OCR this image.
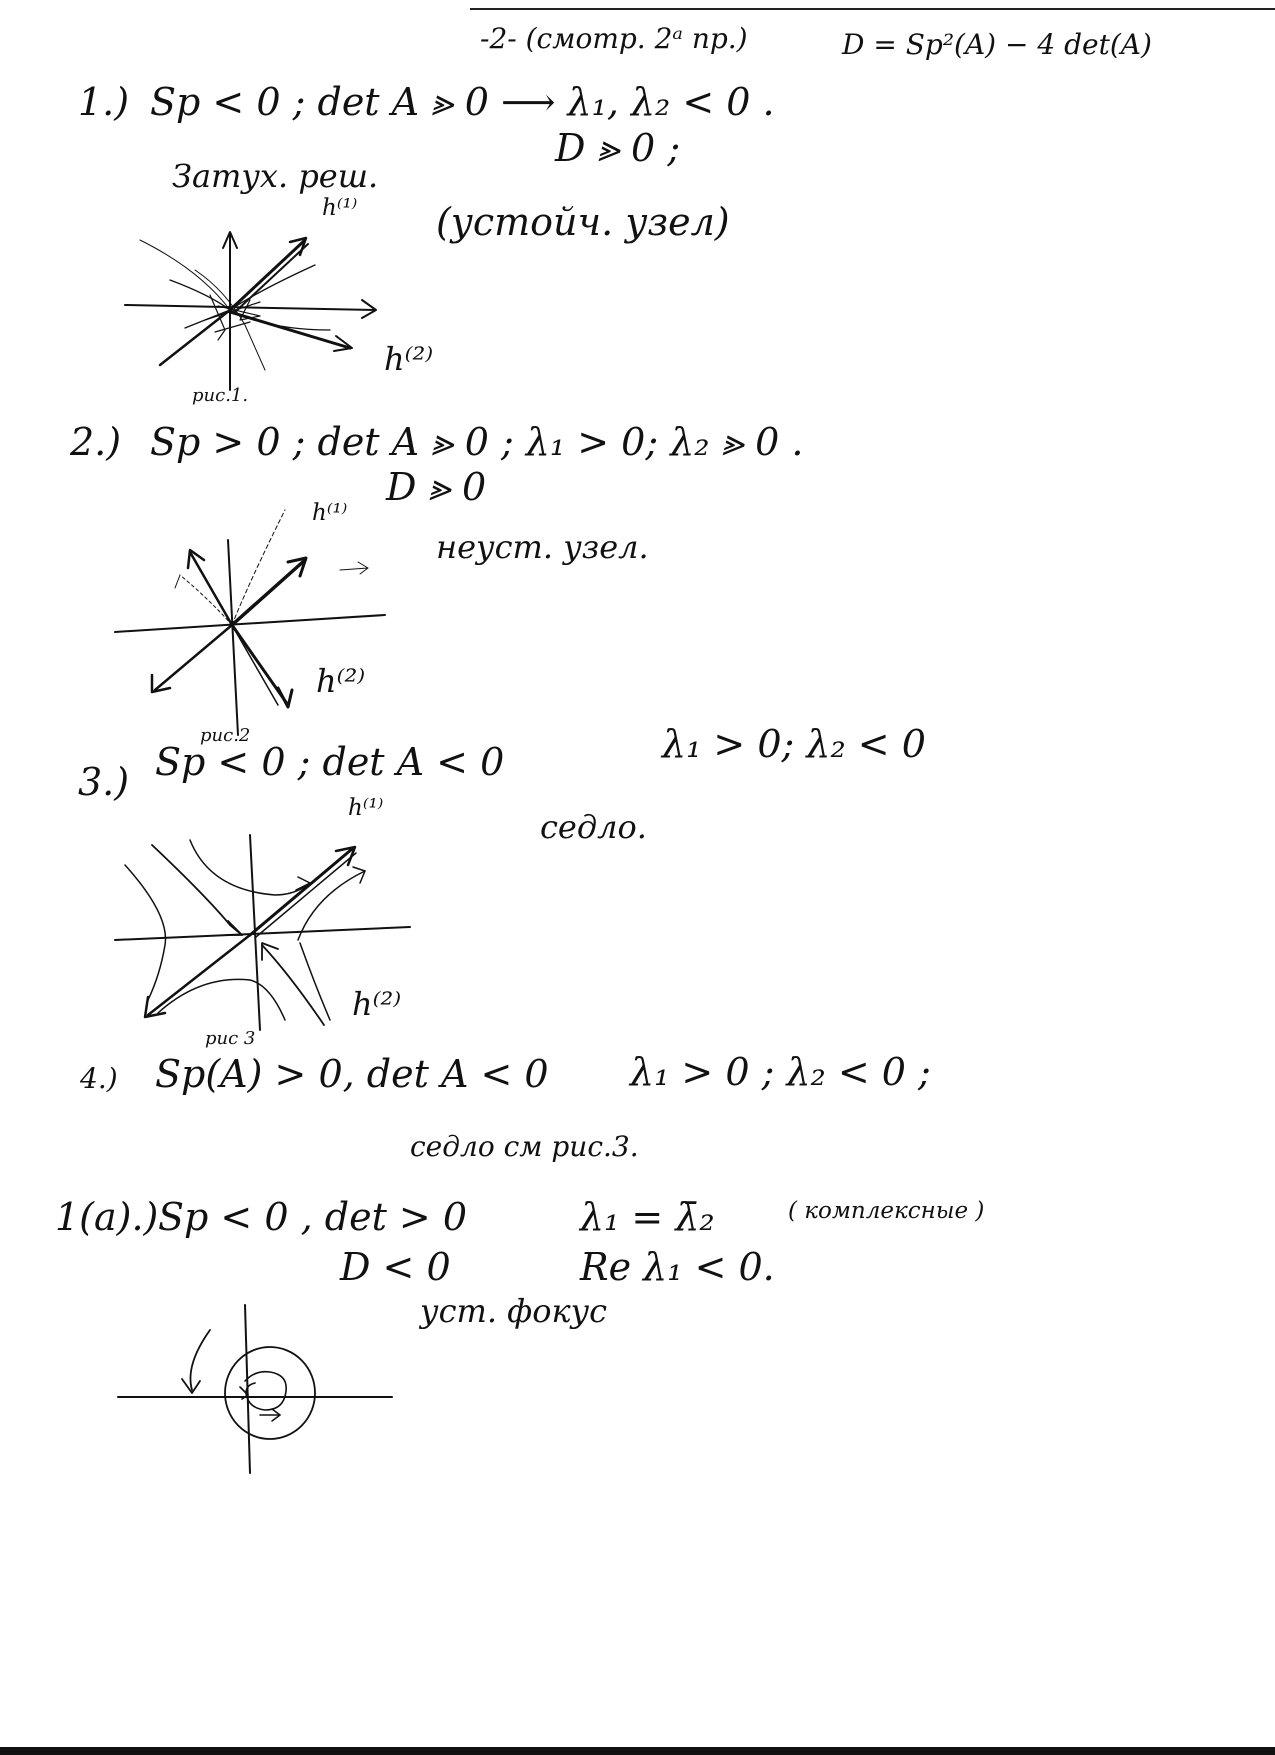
-2- (смотр. 2ᵃ пр.)	D = Sp²(A) − 4 det(A)
1.) Sp < 0 ; det A ⪢ 0 ⟶ λ₁, λ₂ < 0 .
D ⪢ 0 ;
Затух. реш.
(устойч. узел)
h⁽¹⁾
h⁽²⁾
рис.1.
2.) Sp > 0 ; det A ⪢ 0 ; λ₁ > 0; λ₂ ⪢ 0 .
D ⪢ 0
неуст. узел.
h⁽¹⁾
h⁽²⁾
рис.2
3.) Sp < 0 ; det A < 0	λ₁ > 0; λ₂ < 0
седло.
h⁽¹⁾
h⁽²⁾
рис 3
4.) Sp(A) > 0, det A < 0 λ₁ > 0 ; λ₂ < 0 ;
седло см рис.3.
1(a).) Sp < 0 , det > 0	λ₁ = λ̄₂	( комплексные )
D < 0	Re λ₁ < 0.
уст. фокус
